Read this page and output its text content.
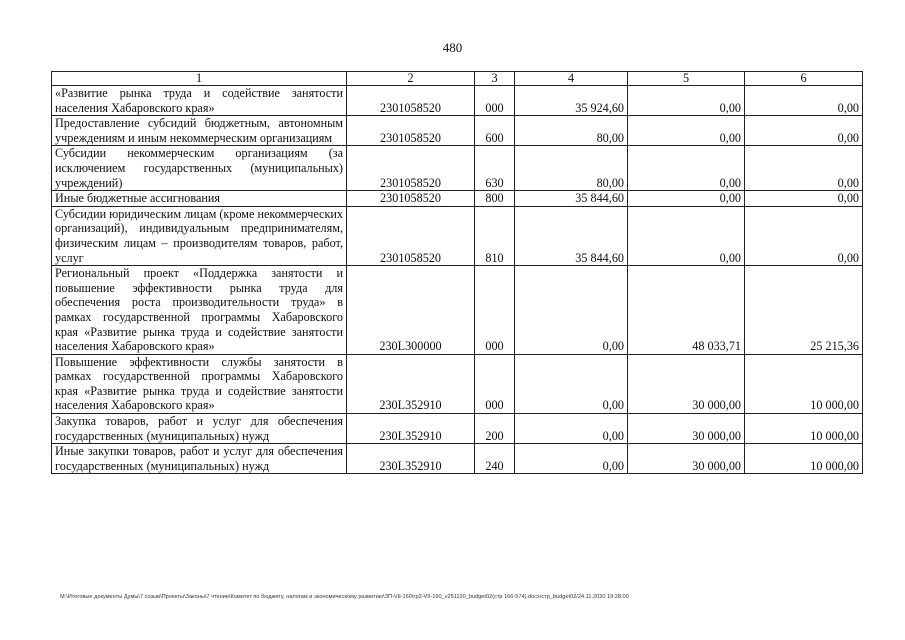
480
1	2	3	4	5	6
«Развитие рынка труда и содействие занятости населения Хабаровского края»	2301058520	000	35 924,60	0,00	0,00
Предоставление субсидий бюджетным, автономным учреждениям и иным некоммерческим организациям	2301058520	600	80,00	0,00	0,00
Субсидии некоммерческим организациям (за исключением государственных (муниципальных) учреждений)	2301058520	630	80,00	0,00	0,00
Иные бюджетные ассигнования	2301058520	800	35 844,60	0,00	0,00
Субсидии юридическим лицам (кроме некоммерческих организаций), индивидуальным предпринимателям, физическим лицам – производителям товаров, работ, услуг	2301058520	810	35 844,60	0,00	0,00
Региональный проект «Поддержка занятости и повышение эффективности рынка труда для обеспечения роста производительности труда» в рамках государственной программы Хабаровского края «Развитие рынка труда и содействие занятости населения Хабаровского края»	230L300000	000	0,00	48 033,71	25 215,36
Повышение эффективности службы занятости в рамках государственной программы Хабаровского края «Развитие рынка труда и содействие занятости населения Хабаровского края»	230L352910	000	0,00	30 000,00	10 000,00
Закупка товаров, работ и услуг для обеспечения государственных (муниципальных) нужд	230L352910	200	0,00	30 000,00	10 000,00
Иные закупки товаров, работ и услуг для обеспечения государственных (муниципальных) нужд	230L352910	240	0,00	30 000,00	10 000,00
М:\Итоговые документы Думы\7 созыв\Проекты\Законы\7 чтение\Комитет по бюджету, налогам и экономическому развитию\ЗП-VII-160\гр2-VII-160_v251120_budget02(стр 166-574).docx/стр_budget02/24.11.2020 19:28:00
